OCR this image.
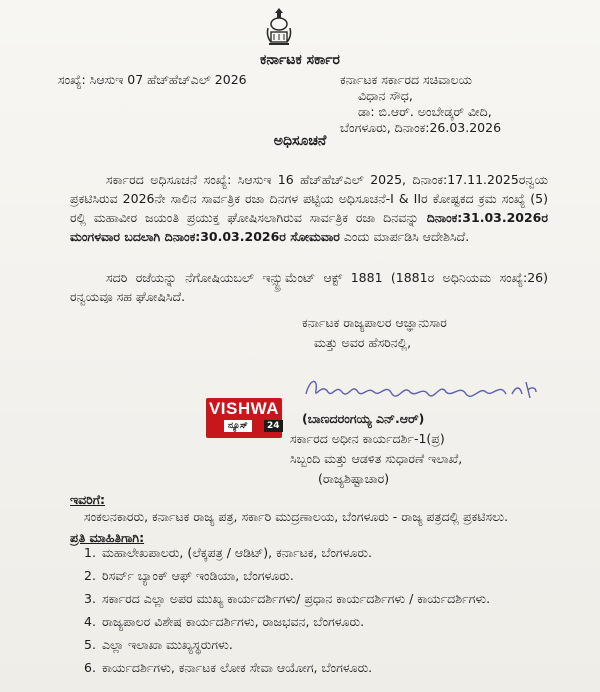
ಕರ್ನಾಟಕ ಸರ್ಕಾರ
ಸಂಖ್ಯೆ: ಸಿಆಸುಇ 07 ಹೆಚ್‌ಹೆಚ್‌ಎಲ್ 2026	ಕರ್ನಾಟಕ ಸರ್ಕಾರದ ಸಚಿವಾಲಯ
ವಿಧಾನ ಸೌಧ,
ಡಾ: ಬಿ.ಆರ್. ಅಂಬೇಡ್ಕರ್ ವೀದಿ,
ಬೆಂಗಳೂರು, ದಿನಾಂಕ:26.03.2026
ಅಧಿಸೂಚನೆ

ಸರ್ಕಾರದ ಅಧಿಸೂಚನೆ ಸಂಖ್ಯೆ: ಸಿಆಸುಇ 16 ಹೆಚ್‌ಹೆಚ್‌ಎಲ್ 2025, ದಿನಾಂಕ:17.11.2025ರನ್ವಯ ಪ್ರಕಟಿಸಿರುವ 2026ನೇ ಸಾಲಿನ ಸಾರ್ವತ್ರಿಕ ರಜಾ ದಿನಗಳ ಪಟ್ಟಿಯ ಅಧಿಸೂಚನೆ-I & IIರ ಕೋಷ್ಟಕದ ಕ್ರಮ ಸಂಖ್ಯೆ (5) ರಲ್ಲಿ ಮಹಾವೀರ ಜಯಂತಿ ಪ್ರಯುಕ್ತ ಘೋಷಿಸಲಾಗಿರುವ ಸಾರ್ವತ್ರಿಕ ರಜಾ ದಿನವನ್ನು ದಿನಾಂಕ:31.03.2026ರ ಮಂಗಳವಾರ ಬದಲಾಗಿ ದಿನಾಂಕ:30.03.2026ರ ಸೋಮವಾರ ಎಂದು ಮಾರ್ಪಡಿಸಿ ಆದೇಶಿಸಿದೆ.

ಸದರಿ ರಜೆಯನ್ನು ನೆಗೋಷಿಯಬಲ್ ಇನ್ಸ್ಟ್ರುಮೆಂಟ್ ಆಕ್ಟ್ 1881 (1881ರ ಅಧಿನಿಯಮ ಸಂಖ್ಯೆ:26) ರನ್ವಯವೂ ಸಹ ಘೋಷಿಸಿದೆ.

ಕರ್ನಾಟಕ ರಾಜ್ಯಪಾಲರ ಆಜ್ಞಾನುಸಾರ
ಮತ್ತು ಅವರ ಹೆಸರಿನಲ್ಲಿ,
VISHWA
ನ್ಯೂಸ್	24 (ಬಾಣದರಂಗಯ್ಯ ಎನ್.ಆರ್)
ಸರ್ಕಾರದ ಅಧೀನ ಕಾರ್ಯದರ್ಶಿ-1(ಪ್ರ)
ಸಿಬ್ಬಂದಿ ಮತ್ತು ಆಡಳಿತ ಸುಧಾರಣೆ ಇಲಾಖೆ,
(ರಾಜ್ಯಶಿಷ್ಟಾಚಾರ)
ಇವರಿಗೆ:

ಸಂಕಲನಕಾರರು, ಕರ್ನಾಟಕ ರಾಜ್ಯ ಪತ್ರ, ಸರ್ಕಾರಿ ಮುದ್ರಣಾಲಯ, ಬೆಂಗಳೂರು - ರಾಜ್ಯ ಪತ್ರದಲ್ಲಿ ಪ್ರಕಟಿಸಲು.

ಪ್ರತಿ ಮಾಹಿತಿಗಾಗಿ:
1. ಮಹಾಲೇಖಪಾಲರು, (ಲೆಕ್ಕಪತ್ರ / ಆಡಿಟ್), ಕರ್ನಾಟಕ, ಬೆಂಗಳೂರು.
2. ರಿಸರ್ವ್ ಬ್ಯಾಂಕ್ ಆಫ್ ಇಂಡಿಯಾ, ಬೆಂಗಳೂರು.
3. ಸರ್ಕಾರದ ಎಲ್ಲಾ ಅಪರ ಮುಖ್ಯ ಕಾರ್ಯದರ್ಶಿಗಳು/ ಪ್ರಧಾನ ಕಾರ್ಯದರ್ಶಿಗಳು / ಕಾರ್ಯದರ್ಶಿಗಳು.
4. ರಾಜ್ಯಪಾಲರ ವಿಶೇಷ ಕಾರ್ಯದರ್ಶಿಗಳು, ರಾಜಭವನ, ಬೆಂಗಳೂರು.
5. ಎಲ್ಲಾ ಇಲಾಖಾ ಮುಖ್ಯಸ್ಥರುಗಳು.
6. ಕಾರ್ಯದರ್ಶಿಗಳು, ಕರ್ನಾಟಕ ಲೋಕ ಸೇವಾ ಆಯೋಗ, ಬೆಂಗಳೂರು.
